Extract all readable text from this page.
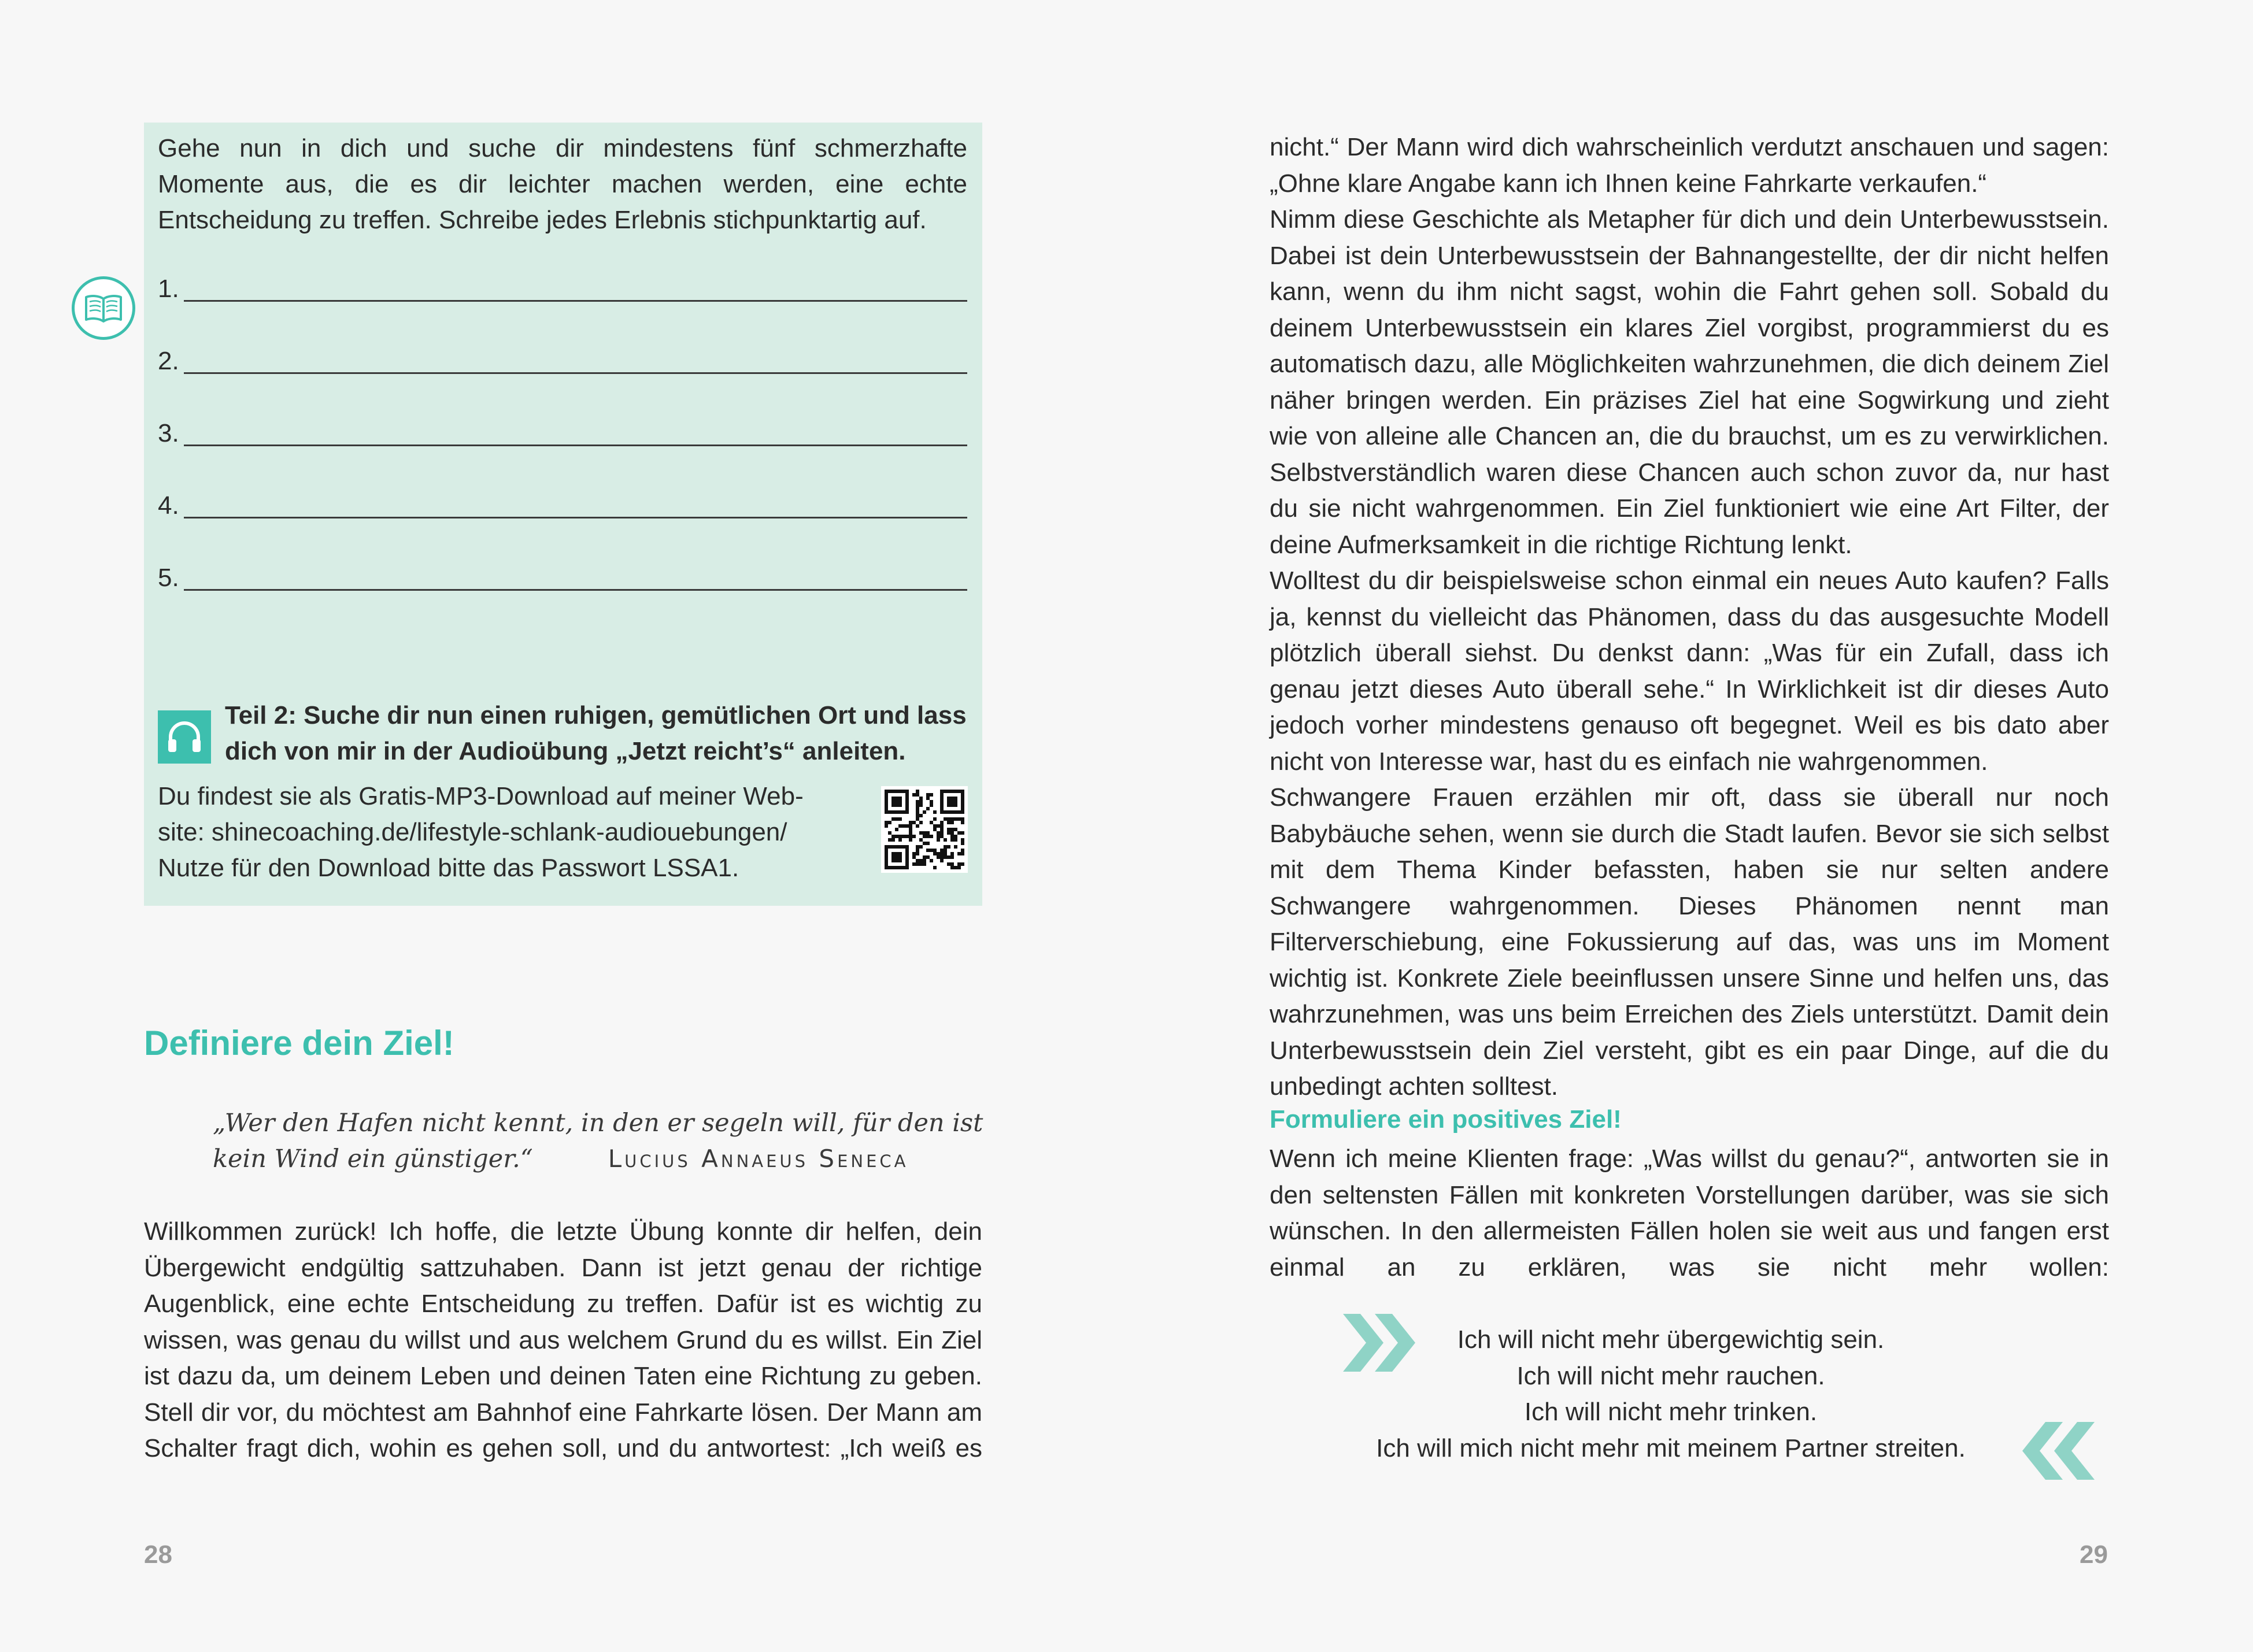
Gehe nun in dich und suche dir mindestens fünf schmerzhafte Momente aus, die es dir leichter machen werden, eine echte Entscheidung zu treffen. Schreibe jedes Erlebnis stichpunktartig auf.

1.
2.
3.
4.
5.

Teil 2: Suche dir nun einen ruhigen, gemütlichen Ort und lass dich von mir in der Audioübung „Jetzt reicht’s“ anleiten.

Du findest sie als Gratis-MP3-Download auf meiner Web-
site: shinecoaching.de/lifestyle-schlank-audiouebungen/
Nutze für den Download bitte das Passwort LSSA1.

Definiere dein Ziel!

„Wer den Hafen nicht kennt, in den er segeln will, für den ist
kein Wind ein günstiger.“	Lucius Annaeus Seneca

Willkommen zurück! Ich hoffe, die letzte Übung konnte dir helfen, dein Übergewicht endgültig sattzuhaben. Dann ist jetzt genau der richtige Augenblick, eine echte Entscheidung zu treffen. Dafür ist es wichtig zu wissen, was genau du willst und aus welchem Grund du es willst. Ein Ziel ist dazu da, um deinem Leben und deinen Taten eine Richtung zu geben. Stell dir vor, du möchtest am Bahnhof eine Fahrkarte lösen. Der Mann am Schalter fragt dich, wohin es gehen soll, und du antwortest: „Ich weiß es

28

nicht.“ Der Mann wird dich wahrscheinlich verdutzt anschauen und sagen: „Ohne klare Angabe kann ich Ihnen keine Fahrkarte verkaufen.“

Nimm diese Geschichte als Metapher für dich und dein Unterbewusstsein. Dabei ist dein Unterbewusstsein der Bahnangestellte, der dir nicht helfen kann, wenn du ihm nicht sagst, wohin die Fahrt gehen soll. Sobald du deinem Unterbewusstsein ein klares Ziel vorgibst, programmierst du es automatisch dazu, alle Möglichkeiten wahrzunehmen, die dich deinem Ziel näher bringen werden. Ein präzises Ziel hat eine Sogwirkung und zieht wie von alleine alle Chancen an, die du brauchst, um es zu verwirklichen. Selbstverständlich waren diese Chancen auch schon zuvor da, nur hast du sie nicht wahrgenommen. Ein Ziel funktioniert wie eine Art Filter, der deine Aufmerksamkeit in die richtige Richtung lenkt.

Wolltest du dir beispielsweise schon einmal ein neues Auto kaufen? Falls ja, kennst du vielleicht das Phänomen, dass du das ausgesuchte Modell plötzlich überall siehst. Du denkst dann: „Was für ein Zufall, dass ich genau jetzt dieses Auto überall sehe.“ In Wirklichkeit ist dir dieses Auto jedoch vorher mindestens genauso oft begegnet. Weil es bis dato aber nicht von Interesse war, hast du es einfach nie wahrgenommen.

Schwangere Frauen erzählen mir oft, dass sie überall nur noch Babybäuche sehen, wenn sie durch die Stadt laufen. Bevor sie sich selbst mit dem Thema Kinder befassten, haben sie nur selten andere Schwangere wahrgenommen. Dieses Phänomen nennt man Filterverschiebung, eine Fokussierung auf das, was uns im Moment wichtig ist. Konkrete Ziele beeinflussen unsere Sinne und helfen uns, das wahrzunehmen, was uns beim Erreichen des Ziels unterstützt. Damit dein Unterbewusstsein dein Ziel versteht, gibt es ein paar Dinge, auf die du unbedingt achten solltest.

Formuliere ein positives Ziel!

Wenn ich meine Klienten frage: „Was willst du genau?“, antworten sie in den seltensten Fällen mit konkreten Vorstellungen darüber, was sie sich wünschen. In den allermeisten Fällen holen sie weit aus und fangen erst einmal an zu erklären, was sie nicht mehr wollen:

Ich will nicht mehr übergewichtig sein.
Ich will nicht mehr rauchen.
Ich will nicht mehr trinken.
Ich will mich nicht mehr mit meinem Partner streiten.

29
